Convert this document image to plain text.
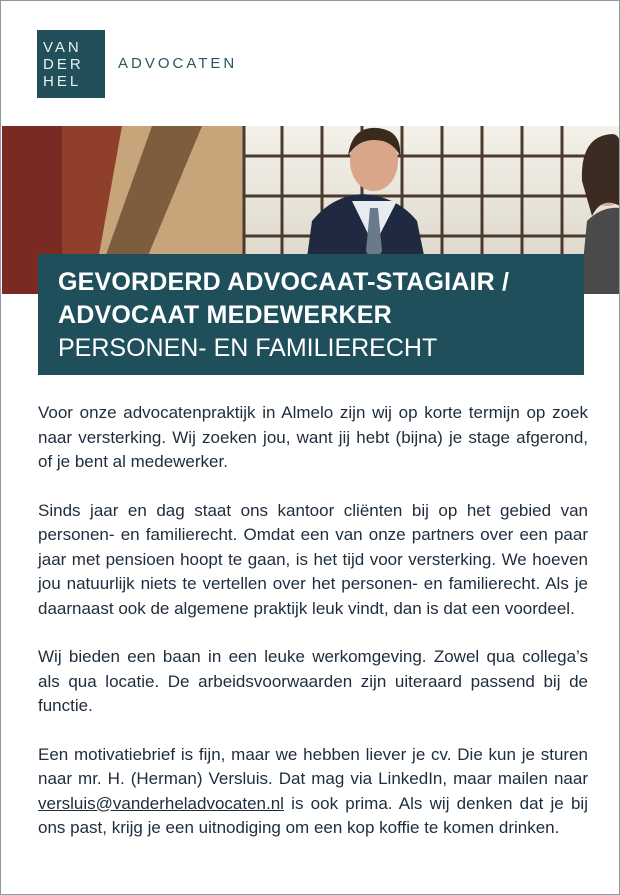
VAN
DER
HEL
ADVOCATEN
GEVORDERD ADVOCAAT-STAGIAIR /
ADVOCAAT MEDEWERKER
PERSONEN- EN FAMILIERECHT

Voor onze advocatenpraktijk in Almelo zijn wij op korte termijn op zoek naar versterking. Wij zoeken jou, want jij hebt (bijna) je stage afgerond, of je bent al medewerker.

Sinds jaar en dag staat ons kantoor cliënten bij op het gebied van personen- en familierecht. Omdat een van onze partners over een paar jaar met pensioen hoopt te gaan, is het tijd voor versterking. We hoeven jou natuurlijk niets te vertellen over het personen- en familierecht. Als je daarnaast ook de algemene praktijk leuk vindt, dan is dat een voordeel.

Wij bieden een baan in een leuke werkomgeving. Zowel qua collega’s als qua locatie. De arbeidsvoorwaarden zijn uiteraard passend bij de functie.

Een motivatiebrief is fijn, maar we hebben liever je cv. Die kun je sturen naar mr. H. (Herman) Versluis. Dat mag via LinkedIn, maar mailen naar versluis@vanderheladvocaten.nl is ook prima. Als wij denken dat je bij ons past, krijg je een uitnodiging om een kop koffie te komen drinken.
